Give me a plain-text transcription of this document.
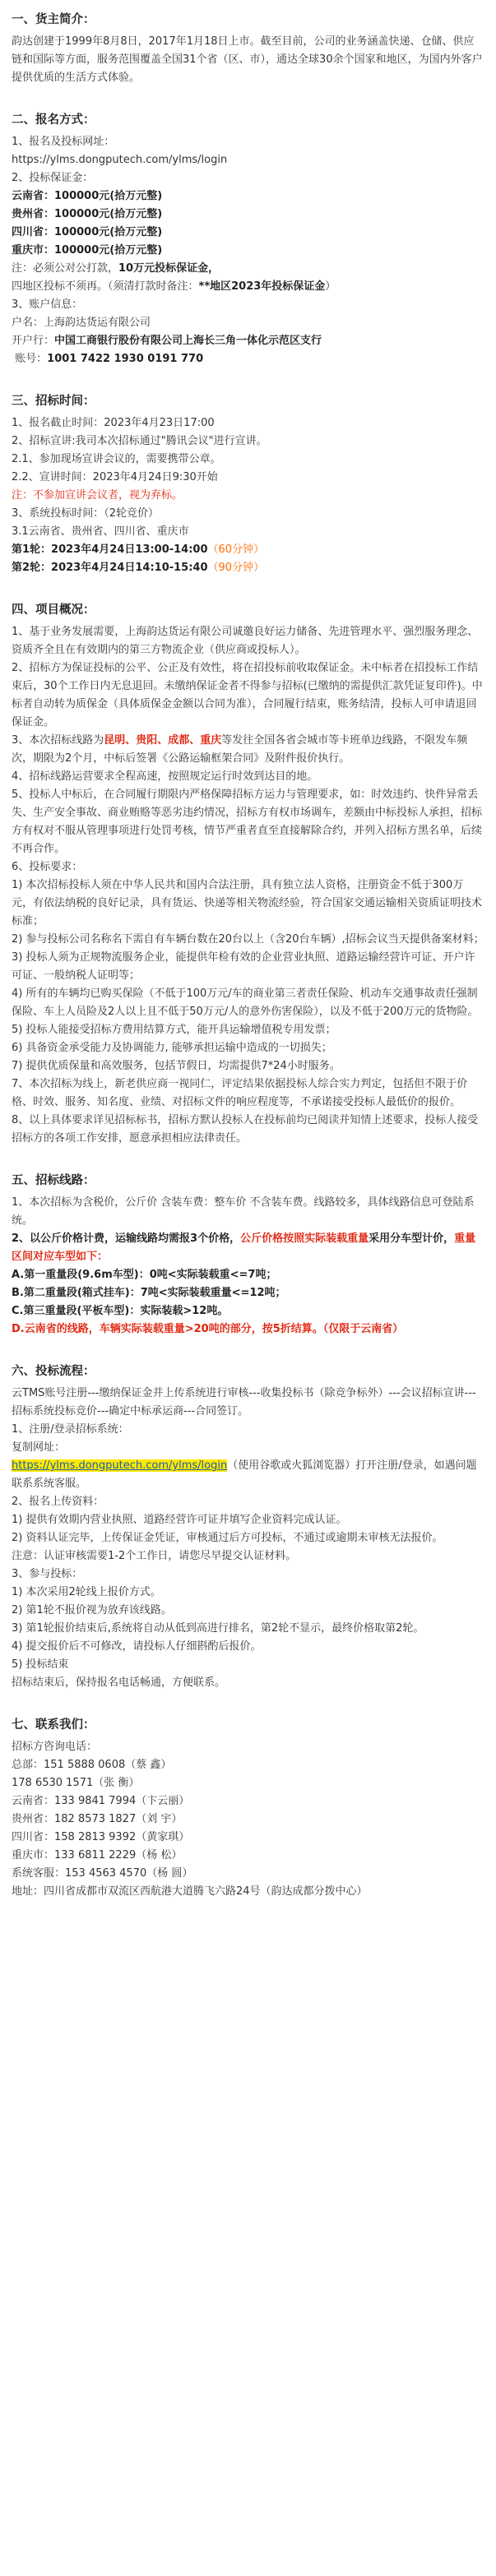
一、货主简介：

韵达创建于1999年8月8日，2017年1月18日上市。截至目前，公司的业务涵盖快递、仓储、供应链和国际等方面，服务范围覆盖全国31个省（区、市），通达全球30余个国家和地区，为国内外客户提供优质的生活方式体验。

二、报名方式：

1、报名及投标网址：

https://ylms.dongputech.com/ylms/login

2、投标保证金：

云南省：100000元(拾万元整)

贵州省：100000元(拾万元整)

四川省：100000元(拾万元整)

重庆市：100000元(拾万元整)

注：必须公对公打款，10万元投标保证金，

四地区投标不须再。（须清打款时备注：**地区2023年投标保证金）

3、账户信息：

户名：上海韵达货运有限公司

开户行：中国工商银行股份有限公司上海长三角一体化示范区支行

账号：1001 7422 1930 0191 770

三、招标时间：

1、报名截止时间：2023年4月23日17:00

2、招标宣讲:我司本次招标通过"腾讯会议"进行宣讲。

2.1、参加现场宣讲会议的，需要携带公章。

2.2、宣讲时间：2023年4月24日9:30开始

注：不参加宣讲会议者，视为弃标。

3、系统投标时间：（2轮竞价）

3.1云南省、贵州省、四川省、重庆市

第1轮：2023年4月24日13:00-14:00（60分钟）

第2轮：2023年4月24日14:10-15:40（90分钟）

四、项目概况：

1、基于业务发展需要，上海韵达货运有限公司诚邀良好运力储备、先进管理水平、强烈服务理念、资质齐全且在有效期内的第三方物流企业（供应商或投标人）。

2、招标方为保证投标的公平、公正及有效性，将在招投标前收取保证金。未中标者在招投标工作结束后，30个工作日内无息退回。未缴纳保证金者不得参与招标(已缴纳的需提供汇款凭证复印件)。中标者自动转为质保金（具体质保金金额以合同为准），合同履行结束，账务结清，投标人可申请退回保证金。

3、本次招标线路为昆明、贵阳、成都、重庆等发往全国各省会城市等卡班单边线路，不限发车频次，期限为2个月，中标后签署《公路运输框架合同》及附件报价执行。

4、招标线路运营要求全程高速，按照规定运行时效到达目的地。

5、投标人中标后，在合同履行期限内严格保障招标方运力与管理要求，如：时效违约、快件异常丢失、生产安全事故、商业贿赂等恶劣违约情况，招标方有权市场调车，差额由中标投标人承担，招标方有权对不服从管理事项进行处罚考核，情节严重者直至直接解除合约，并列入招标方黑名单，后续不再合作。

6、投标要求：

1) 本次招标投标人须在中华人民共和国内合法注册，具有独立法人资格，注册资金不低于300万元，有依法纳税的良好记录，具有货运、快递等相关物流经验，符合国家交通运输相关资质证明技术标准；

2) 参与投标公司名称名下需自有车辆台数在20台以上（含20台车辆）,招标会议当天提供备案材料；

3) 投标人须为正规物流服务企业，能提供年检有效的企业营业执照、道路运输经营许可证、开户许可证、一般纳税人证明等；

4) 所有的车辆均已购买保险（不低于100万元/车的商业第三者责任保险、机动车交通事故责任强制保险、车上人员险及2人以上且不低于50万元/人的意外伤害保险），以及不低于200万元的货物险。

5) 投标人能接受招标方费用结算方式，能开具运输增值税专用发票；

6) 具备资金承受能力及协调能力, 能够承担运输中造成的一切损失；

7) 提供优质保量和高效服务，包括节假日，均需提供7*24小时服务。

7、本次招标为线上，新老供应商一视同仁，评定结果依据投标人综合实力判定，包括但不限于价格、时效、服务、知名度、业绩、对招标文件的响应程度等，不承诺接受投标人最低价的报价。

8、以上具体要求详见招标标书，招标方默认投标人在投标前均已阅读并知情上述要求，投标人接受招标方的各项工作安排，愿意承担相应法律责任。

五、招标线路：

1、本次招标为含税价，公斤价 含装车费：整车价 不含装车费。线路较多，具体线路信息可登陆系统。

2、以公斤价格计费，运输线路均需报3个价格，公斤价格按照实际装载重量采用分车型计价，重量区间对应车型如下：

A.第一重量段(9.6m车型)：0吨<实际装载重<=7吨；

B.第二重量段(箱式挂车)：7吨<实际装载重量<=12吨；

C.第三重量段(平板车型)：实际装载>12吨。

D.云南省的线路，车辆实际装载重量>20吨的部分，按5折结算。（仅限于云南省）

六、投标流程：

云TMS账号注册---缴纳保证金并上传系统进行审核---收集投标书（除竞争标外）---会议招标宣讲---招标系统投标竞价---确定中标承运商---合同签订。

1、注册/登录招标系统：

复制网址：

https://ylms.dongputech.com/ylms/login（使用谷歌或火狐浏览器）打开注册/登录，如遇问题联系系统客服。

2、报名上传资料：

1) 提供有效期内营业执照、道路经营许可证并填写企业资料完成认证。

2) 资料认证完毕，上传保证金凭证，审核通过后方可投标，不通过或逾期未审核无法报价。

注意：认证审核需要1-2个工作日，请您尽早提交认证材料。

3、参与投标：

1) 本次采用2轮线上报价方式。

2) 第1轮不报价视为放弃该线路。

3) 第1轮报价结束后,系统将自动从低到高进行排名，第2轮不显示，最终价格取第2轮。

4) 提交报价后不可修改，请投标人仔细斟酌后报价。

5) 投标结束

招标结束后，保持报名电话畅通，方便联系。

七、联系我们：

招标方咨询电话：

总部：151 5888 0608（蔡 鑫）

178 6530 1571（张 衡）

云南省：133 9841 7994（卞云丽）

贵州省：182 8573 1827（刘 宇）

四川省：158 2813 9392（黄家琪）

重庆市：133 6811 2229（杨 松）

系统客服：153 4563 4570（杨 圆）

地址：四川省成都市双流区西航港大道腾飞六路24号（韵达成都分拨中心）
